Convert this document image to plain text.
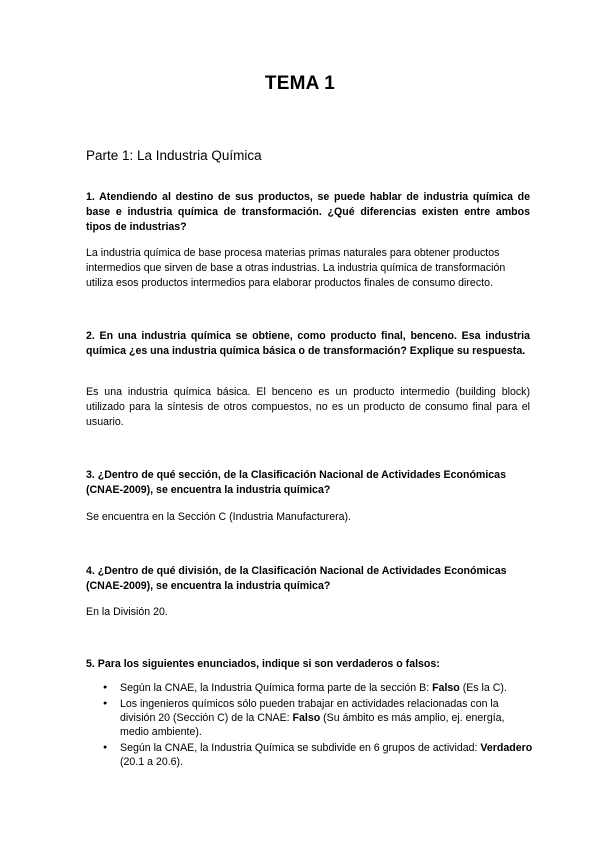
TEMA 1
Parte 1: La Industria Química
1. Atendiendo al destino de sus productos, se puede hablar de industria química de base e industria química de transformación. ¿Qué diferencias existen entre ambos tipos de industrias?
La industria química de base procesa materias primas naturales para obtener productos intermedios que sirven de base a otras industrias. La industria química de transformación utiliza esos productos intermedios para elaborar productos finales de consumo directo.
2. En una industria química se obtiene, como producto final, benceno. Esa industria química ¿es una industria química básica o de transformación? Explique su respuesta.
Es una industria química básica. El benceno es un producto intermedio (building block) utilizado para la síntesis de otros compuestos, no es un producto de consumo final para el usuario.
3. ¿Dentro de qué sección, de la Clasificación Nacional de Actividades Económicas (CNAE-2009), se encuentra la industria química?
Se encuentra en la Sección C (Industria Manufacturera).
4. ¿Dentro de qué división, de la Clasificación Nacional de Actividades Económicas (CNAE-2009), se encuentra la industria química?
En la División 20.
5. Para los siguientes enunciados, indique si son verdaderos o falsos:
● Según la CNAE, la Industria Química forma parte de la sección B: Falso (Es la C).
● Los ingenieros químicos sólo pueden trabajar en actividades relacionadas con la división 20 (Sección C) de la CNAE: Falso (Su ámbito es más amplio, ej. energía, medio ambiente).
● Según la CNAE, la Industria Química se subdivide en 6 grupos de actividad: Verdadero (20.1 a 20.6).
